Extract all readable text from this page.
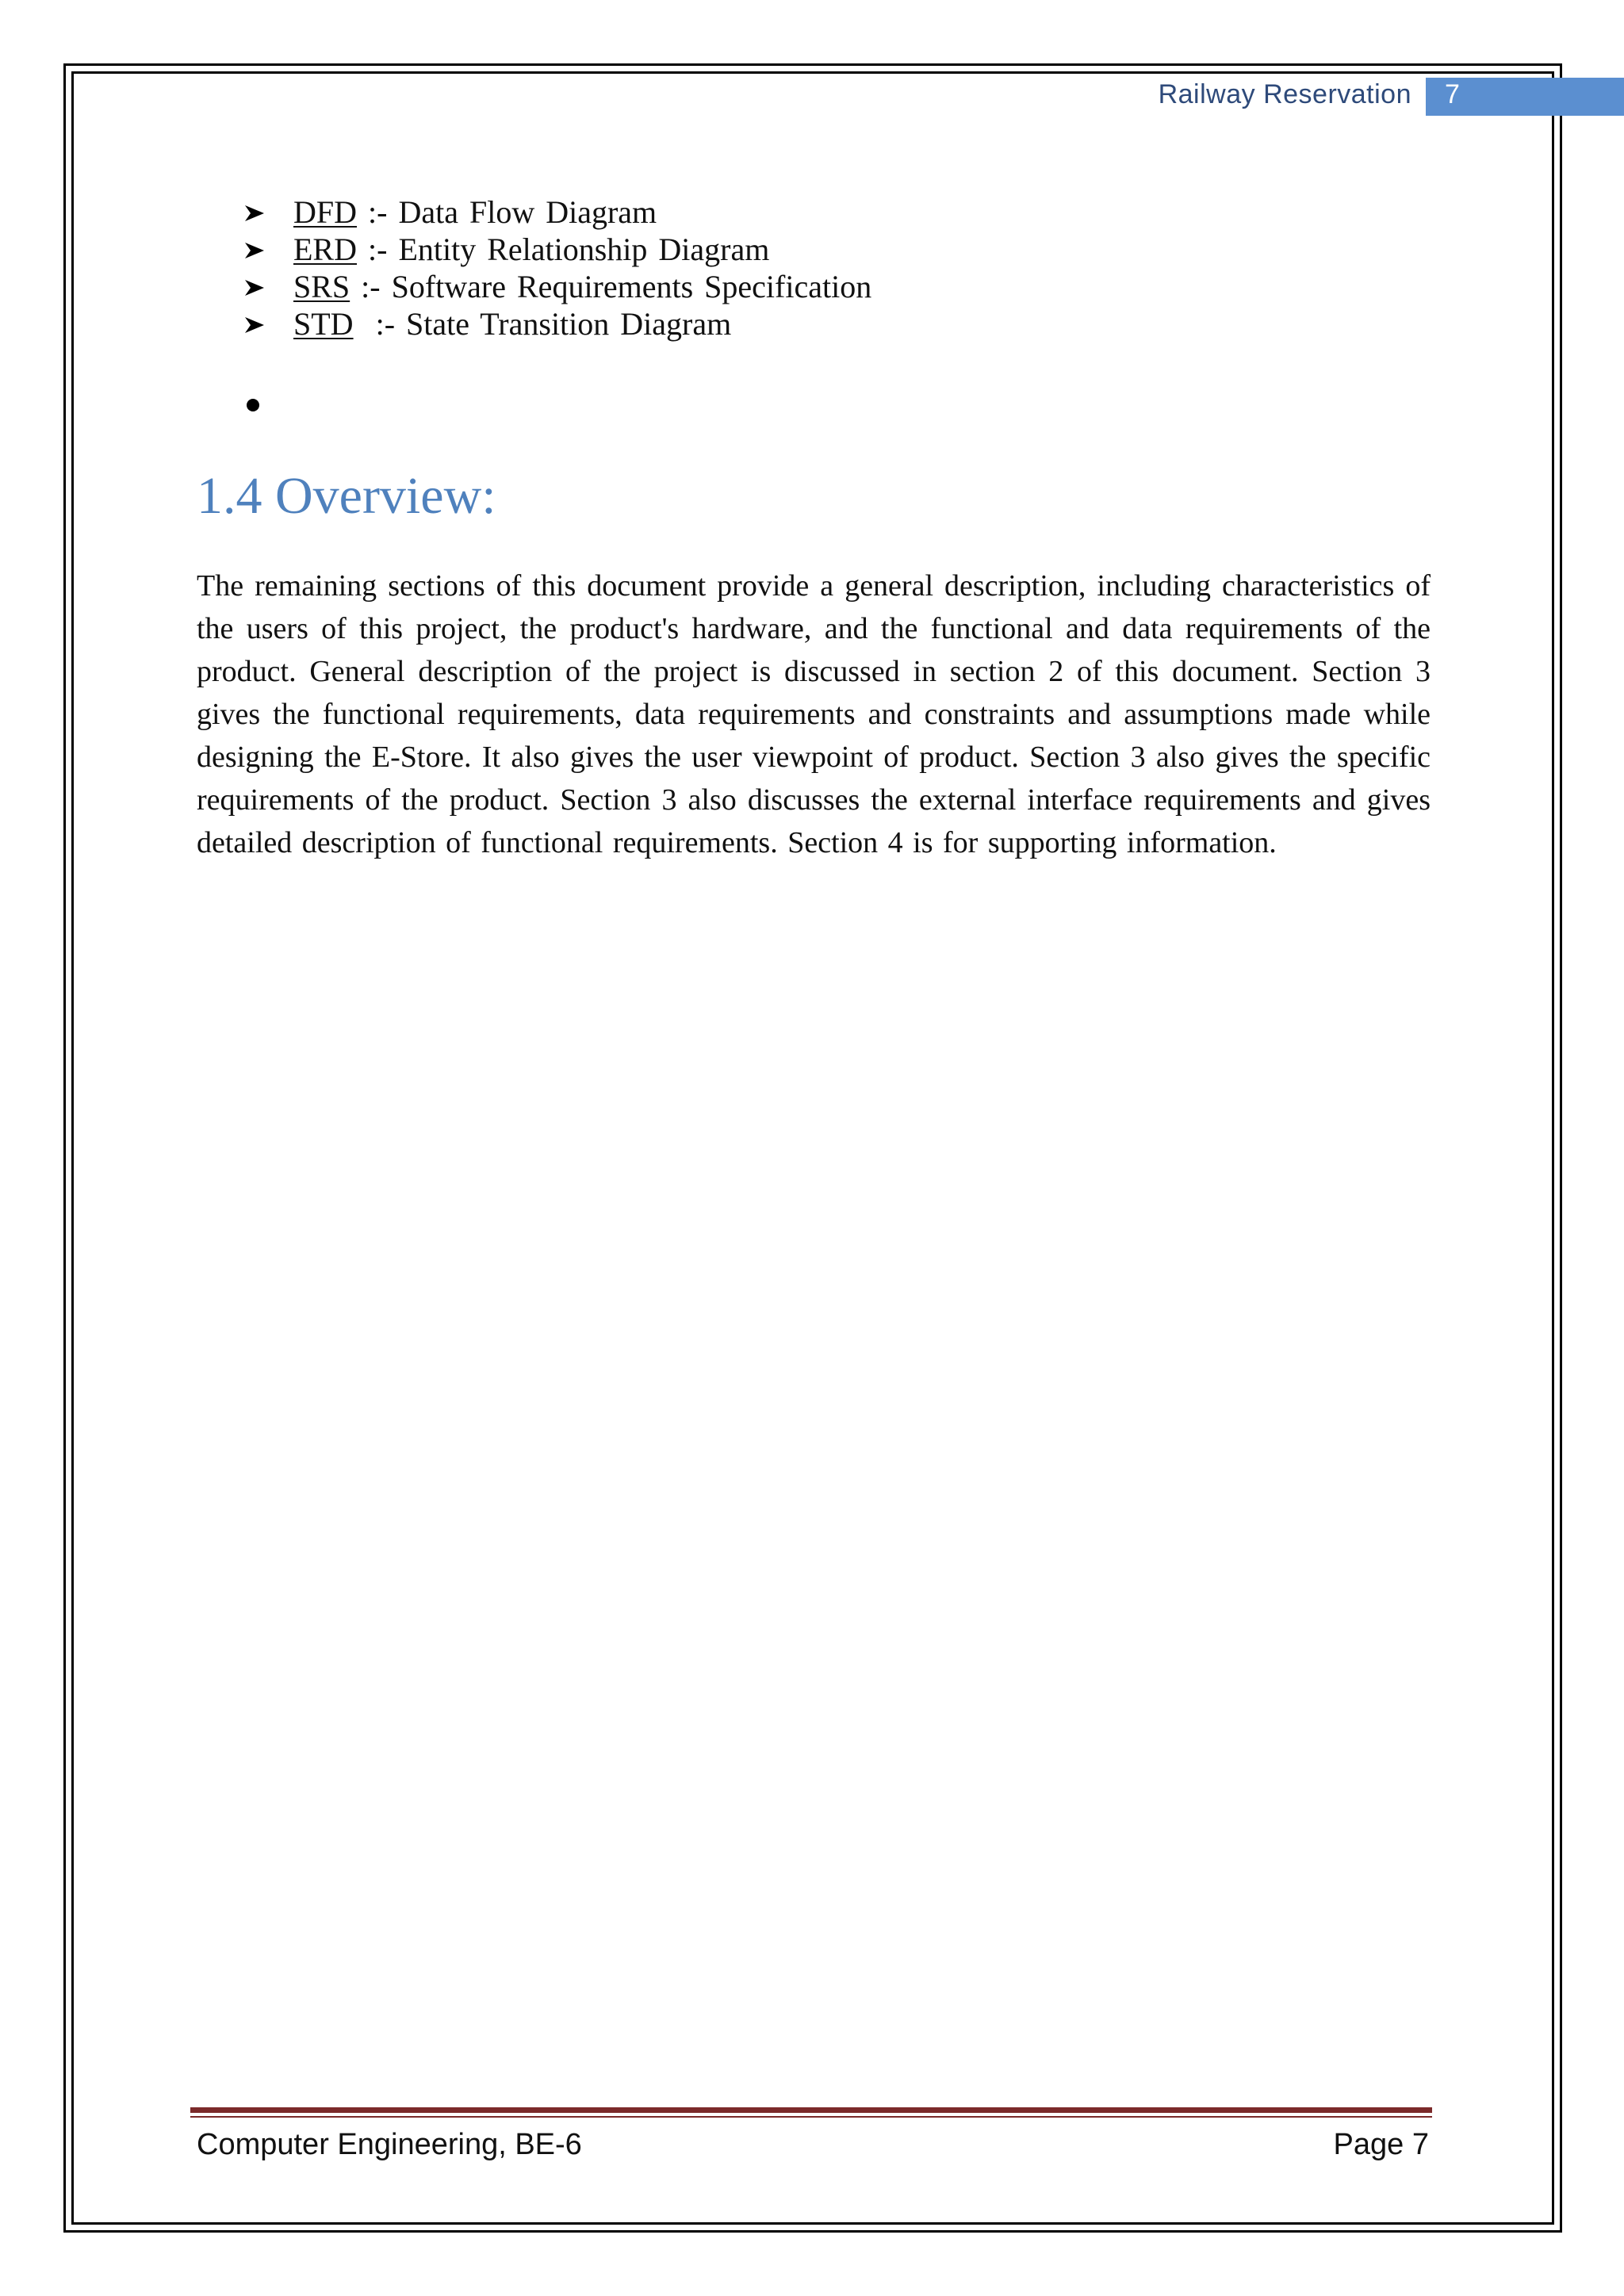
Railway Reservation 7
DFD :- Data Flow Diagram
ERD :- Entity Relationship Diagram
SRS :- Software Requirements Specification
STD  :- State Transition Diagram
1.4 Overview:

The remaining sections of this document provide a general description, including characteristics of the users of this project, the product's hardware, and the functional and data requirements of the product. General description of the project is discussed in section 2 of this document. Section 3 gives the functional requirements, data requirements and constraints and assumptions made while designing the E-Store. It also gives the user viewpoint of product. Section 3 also gives the specific requirements of the product. Section 3 also discusses the external interface requirements and gives detailed description of functional requirements. Section 4 is for supporting information.

Computer Engineering, BE-6	Page 7
